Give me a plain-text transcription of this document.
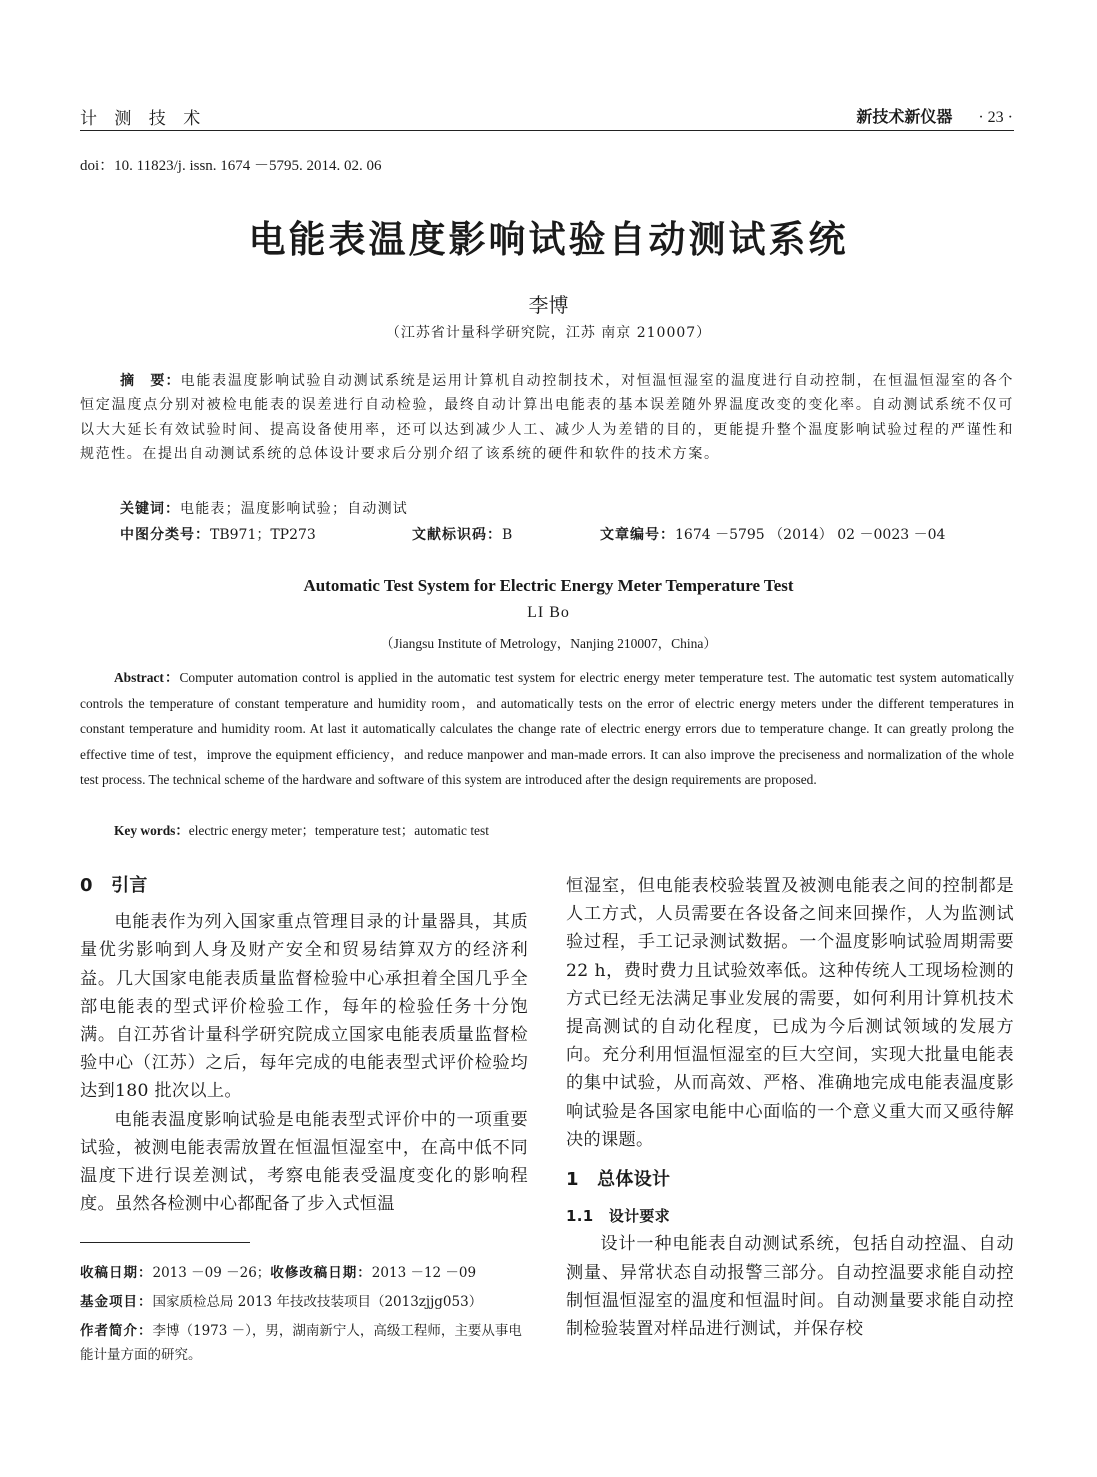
计 测 技 术	新技术新仪器 · 23 ·
doi：10. 11823/j. issn. 1674 －5795. 2014. 02. 06
电能表温度影响试验自动测试系统
李博
（江苏省计量科学研究院，江苏 南京 210007）
摘　要：电能表温度影响试验自动测试系统是运用计算机自动控制技术，对恒温恒湿室的温度进行自动控制，在恒温恒湿室的各个恒定温度点分别对被检电能表的误差进行自动检验，最终自动计算出电能表的基本误差随外界温度改变的变化率。自动测试系统不仅可以大大延长有效试验时间、提高设备使用率，还可以达到减少人工、减少人为差错的目的，更能提升整个温度影响试验过程的严谨性和规范性。在提出自动测试系统的总体设计要求后分别介绍了该系统的硬件和软件的技术方案。
关键词：电能表；温度影响试验；自动测试
中图分类号：TB971；TP273	文献标识码：B	文章编号：1674 －5795 （2014） 02 －0023 －04
Automatic Test System for Electric Energy Meter Temperature Test
LI Bo
（Jiangsu Institute of Metrology，Nanjing 210007，China）
Abstract：Computer automation control is applied in the automatic test system for electric energy meter temperature test. The automatic test system automatically controls the temperature of constant temperature and humidity room，and automatically tests on the error of electric energy meters under the different temperatures in constant temperature and humidity room. At last it automatically calculates the change rate of electric energy errors due to temperature change. It can greatly prolong the effective time of test，improve the equipment efficiency，and reduce manpower and man-made errors. It can also improve the preciseness and normalization of the whole test process. The technical scheme of the hardware and software of this system are introduced after the design requirements are proposed.
Key words：electric energy meter；temperature test；automatic test

0　引言

电能表作为列入国家重点管理目录的计量器具，其质量优劣影响到人身及财产安全和贸易结算双方的经济利益。几大国家电能表质量监督检验中心承担着全国几乎全部电能表的型式评价检验工作，每年的检验任务十分饱满。自江苏省计量科学研究院成立国家电能表质量监督检验中心（江苏）之后，每年完成的电能表型式评价检验均达到180 批次以上。

电能表温度影响试验是电能表型式评价中的一项重要试验，被测电能表需放置在恒温恒湿室中，在高中低不同温度下进行误差测试，考察电能表受温度变化的影响程度。虽然各检测中心都配备了步入式恒温

恒湿室，但电能表校验装置及被测电能表之间的控制都是人工方式，人员需要在各设备之间来回操作，人为监测试验过程，手工记录测试数据。一个温度影响试验周期需要 22 h，费时费力且试验效率低。这种传统人工现场检测的方式已经无法满足事业发展的需要，如何利用计算机技术提高测试的自动化程度，已成为今后测试领域的发展方向。充分利用恒温恒湿室的巨大空间，实现大批量电能表的集中试验，从而高效、严格、准确地完成电能表温度影响试验是各国家电能中心面临的一个意义重大而又亟待解决的课题。

1　总体设计

1.1　设计要求

设计一种电能表自动测试系统，包括自动控温、自动测量、异常状态自动报警三部分。自动控温要求能自动控制恒温恒湿室的温度和恒温时间。自动测量要求能自动控制检验装置对样品进行测试，并保存校

收稿日期：2013 －09 －26；收修改稿日期：2013 －12 －09
基金项目：国家质检总局 2013 年技改技装项目（2013zjjg053）
作者简介：李博（1973 －），男，湖南新宁人，高级工程师，主要从事电能计量方面的研究。
